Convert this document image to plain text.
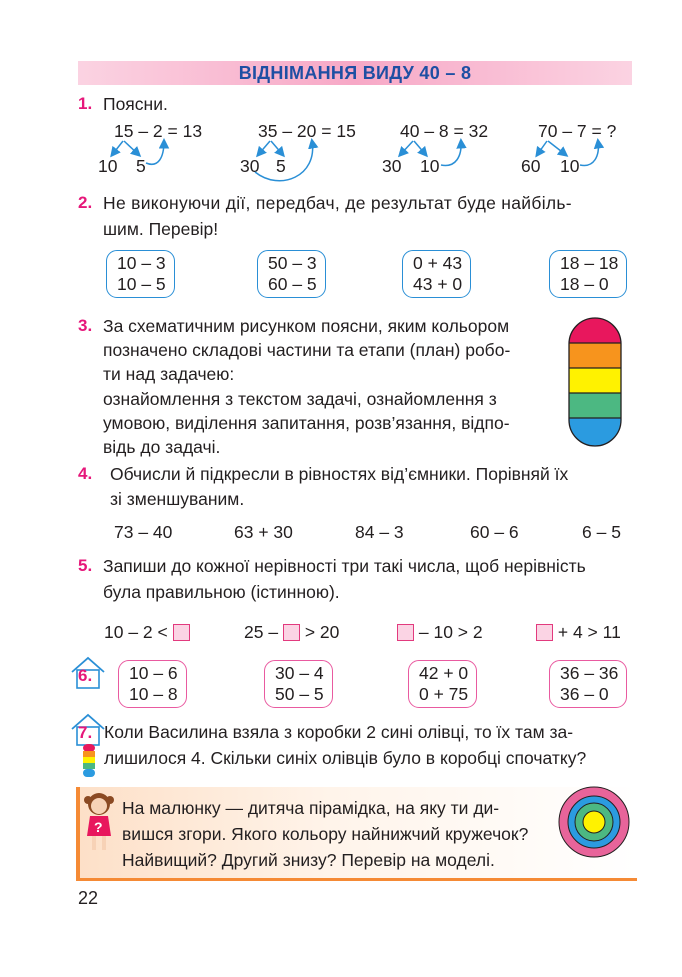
ВІДНІМАННЯ ВИДУ 40 – 8
1. Поясни.
15 – 2 = 13	35 – 20 = 15	40 – 8 = 32	70 – 7 = ?
10 5	30 5	30 10	60 10
2. Не виконуючи дії, передбач, де результат буде найбіль-
шим. Перевір!
10 – 3
10 – 5
50 – 3
60 – 5
0 + 43
43 + 0
18 – 18
18 – 0
3. За схематичним рисунком поясни, яким кольором
позначено складові частини та етапи (план) робо-
ти над задачею:
ознайомлення з текстом задачі, ознайомлення з
умовою, виділення запитання, розв’язання, відпо-
відь до задачі.
4. Обчисли й підкресли в рівностях від’ємники. Порівняй їх
зі зменшуваним.
73 – 40	63 + 30	84 – 3	60 – 6	6 – 5
5. Запиши до кожної нерівності три такі числа, щоб нерівність
була правильною (істинною).
10 – 2 <	25 – > 20	– 10 > 2	+ 4 > 11
6. 10 – 6
10 – 8
30 – 4
50 – 5
42 + 0
0 + 75
36 – 36
36 – 0
7. Коли Василина взяла з коробки 2 сині олівці, то їх там за-
лишилося 4. Скільки синіх олівців було в коробці спочатку?
?
На малюнку — дитяча пірамідка, на яку ти ди-
вишся згори. Якого кольору найнижчий кружечок?
Найвищий? Другий знизу? Перевір на моделі.
22
